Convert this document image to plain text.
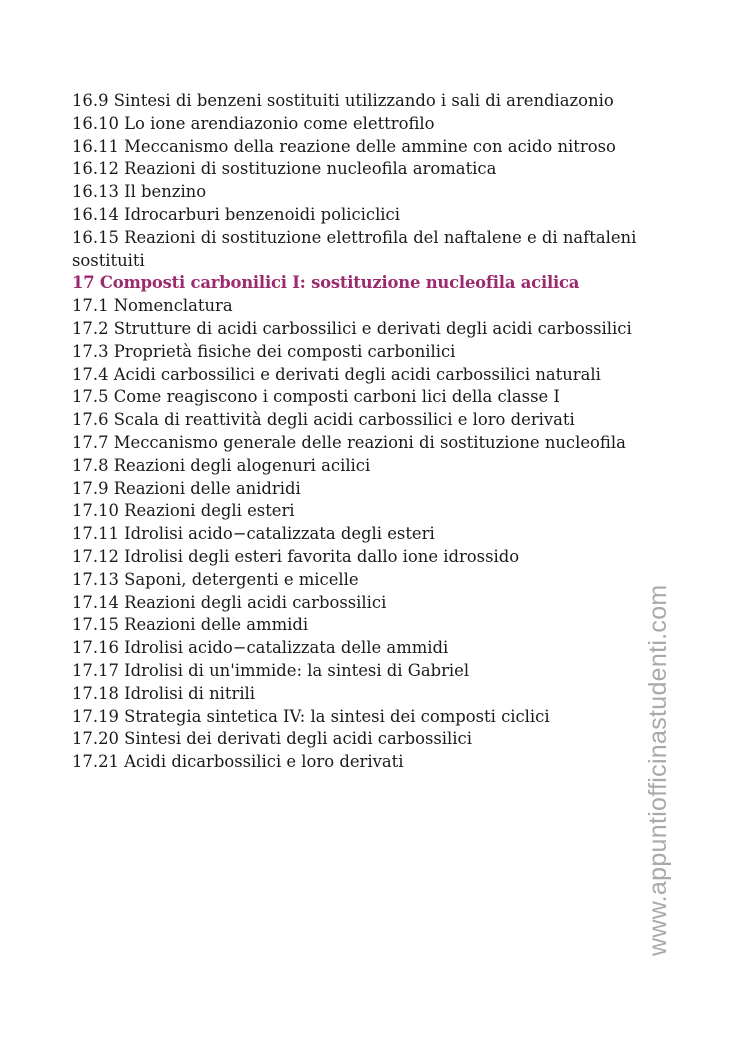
16.9 Sintesi di benzeni sostituiti utilizzando i sali di arendiazonio

16.10 Lo ione arendiazonio come elettrofilo

16.11 Meccanismo della reazione delle ammine con acido nitroso

16.12 Reazioni di sostituzione nucleofila aromatica

16.13 Il benzino

16.14 Idrocarburi benzenoidi policiclici

16.15 Reazioni di sostituzione elettrofila del naftalene e di naftaleni sostituiti

17 Composti carbonilici I: sostituzione nucleofila acilica

17.1 Nomenclatura

17.2 Strutture di acidi carbossilici e derivati degli acidi carbossilici

17.3 Proprietà fisiche dei composti carbonilici

17.4 Acidi carbossilici e derivati degli acidi carbossilici naturali

17.5 Come reagiscono i composti carboni lici della classe I

17.6 Scala di reattività degli acidi carbossilici e loro derivati

17.7 Meccanismo generale delle reazioni di sostituzione nucleofila

17.8 Reazioni degli alogenuri acilici

17.9 Reazioni delle anidridi

17.10 Reazioni degli esteri

17.11 Idrolisi acido−catalizzata degli esteri

17.12 Idrolisi degli esteri favorita dallo ione idrossido

17.13 Saponi, detergenti e micelle

17.14 Reazioni degli acidi carbossilici

17.15 Reazioni delle ammidi

17.16 Idrolisi acido−catalizzata delle ammidi

17.17 Idrolisi di un'immide: la sintesi di Gabriel

17.18 Idrolisi di nitrili

17.19 Strategia sintetica IV: la sintesi dei composti ciclici

17.20 Sintesi dei derivati degli acidi carbossilici

17.21 Acidi dicarbossilici e loro derivati	www.appuntiofficinastudenti.com
